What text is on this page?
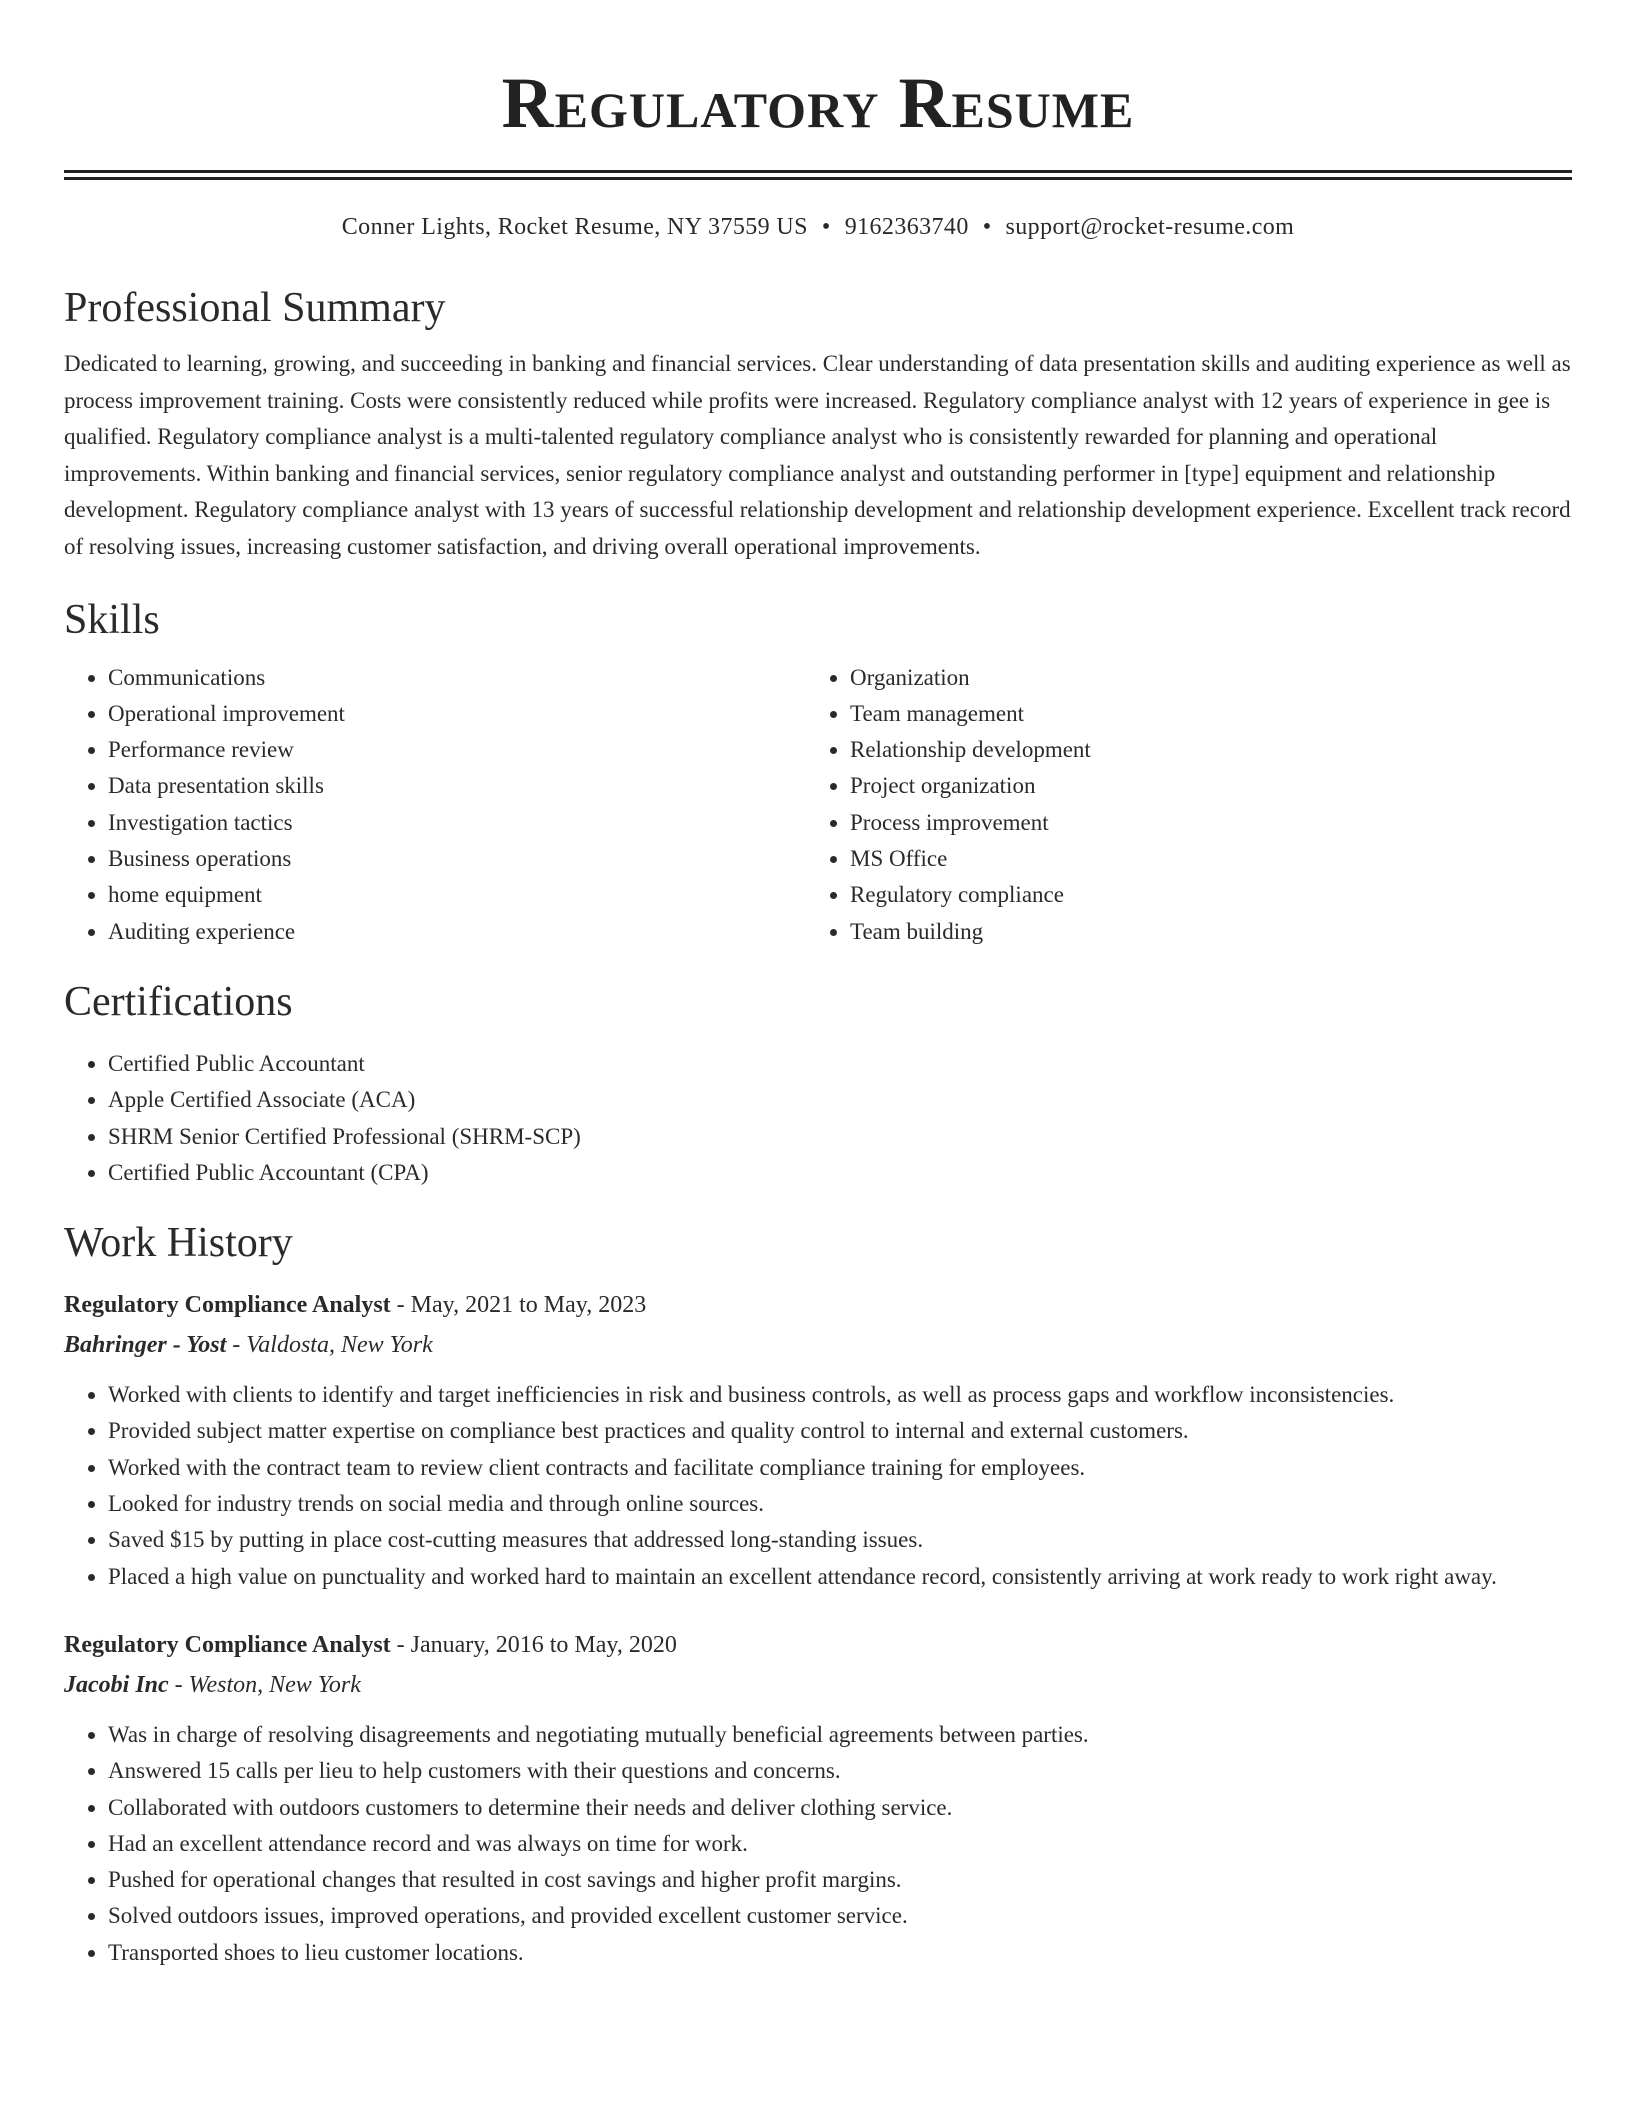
Regulatory Resume
Conner Lights, Rocket Resume, NY 37559 US • 9162363740 • support@rocket-resume.com
Professional Summary

Dedicated to learning, growing, and succeeding in banking and financial services. Clear understanding of data presentation skills and auditing experience as well as process improvement training. Costs were consistently reduced while profits were increased. Regulatory compliance analyst with 12 years of experience in gee is qualified. Regulatory compliance analyst is a multi-talented regulatory compliance analyst who is consistently rewarded for planning and operational improvements. Within banking and financial services, senior regulatory compliance analyst and outstanding performer in [type] equipment and relationship development. Regulatory compliance analyst with 13 years of successful relationship development and relationship development experience. Excellent track record of resolving issues, increasing customer satisfaction, and driving overall operational improvements.

Skills
• Communications
• Operational improvement
• Performance review
• Data presentation skills
• Investigation tactics
• Business operations
• home equipment
• Auditing experience
• Organization
• Team management
• Relationship development
• Project organization
• Process improvement
• MS Office
• Regulatory compliance
• Team building
Certifications
• Certified Public Accountant
• Apple Certified Associate (ACA)
• SHRM Senior Certified Professional (SHRM-SCP)
• Certified Public Accountant (CPA)
Work History
Regulatory Compliance Analyst - May, 2021 to May, 2023
Bahringer - Yost - Valdosta, New York
• Worked with clients to identify and target inefficiencies in risk and business controls, as well as process gaps and workflow inconsistencies.
• Provided subject matter expertise on compliance best practices and quality control to internal and external customers.
• Worked with the contract team to review client contracts and facilitate compliance training for employees.
• Looked for industry trends on social media and through online sources.
• Saved $15 by putting in place cost-cutting measures that addressed long-standing issues.
• Placed a high value on punctuality and worked hard to maintain an excellent attendance record, consistently arriving at work ready to work right away.
Regulatory Compliance Analyst - January, 2016 to May, 2020
Jacobi Inc - Weston, New York
• Was in charge of resolving disagreements and negotiating mutually beneficial agreements between parties.
• Answered 15 calls per lieu to help customers with their questions and concerns.
• Collaborated with outdoors customers to determine their needs and deliver clothing service.
• Had an excellent attendance record and was always on time for work.
• Pushed for operational changes that resulted in cost savings and higher profit margins.
• Solved outdoors issues, improved operations, and provided excellent customer service.
• Transported shoes to lieu customer locations.
